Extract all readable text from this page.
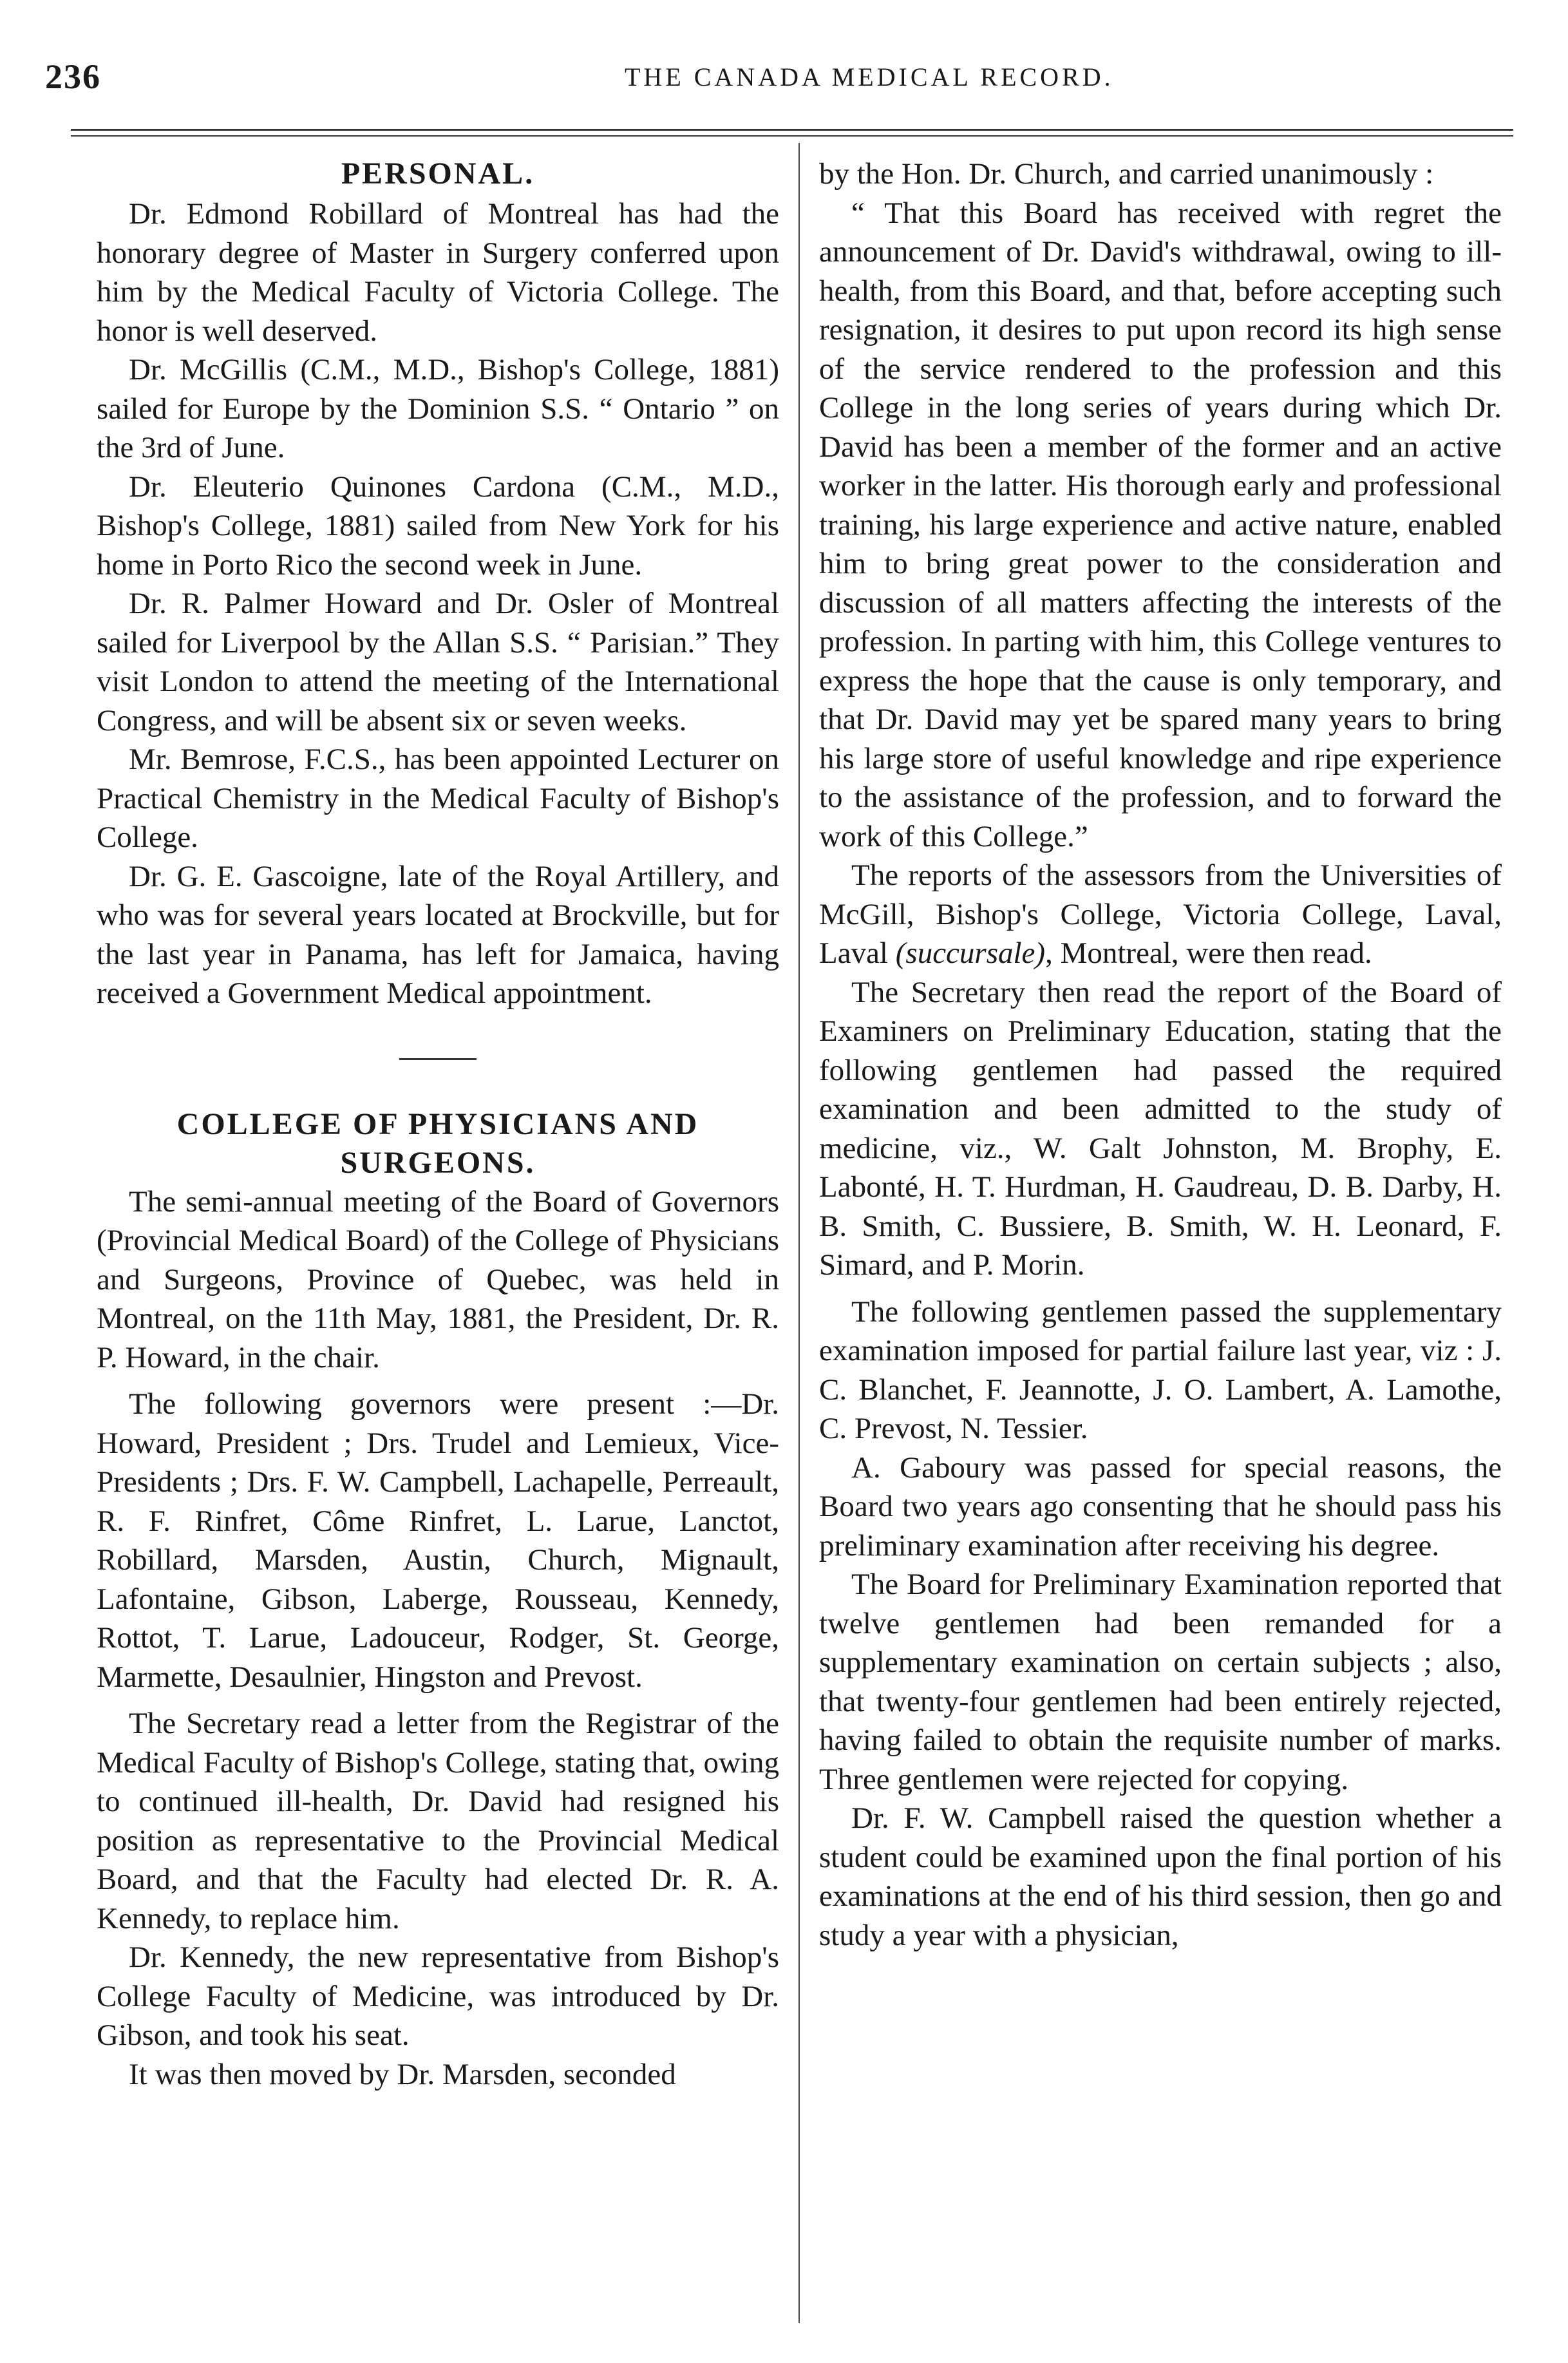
236	THE CANADA MEDICAL RECORD.
PERSONAL.

Dr. Edmond Robillard of Montreal has had the honorary degree of Master in Surgery conferred upon him by the Medical Faculty of Victoria College. The honor is well deserved.

Dr. McGillis (C.M., M.D., Bishop's College, 1881) sailed for Europe by the Dominion S.S. “ Ontario ” on the 3rd of June.

Dr. Eleuterio Quinones Cardona (C.M., M.D., Bishop's College, 1881) sailed from New York for his home in Porto Rico the second week in June.

Dr. R. Palmer Howard and Dr. Osler of Montreal sailed for Liverpool by the Allan S.S. “ Parisian.” They visit London to attend the meeting of the International Congress, and will be absent six or seven weeks.

Mr. Bemrose, F.C.S., has been appointed Lecturer on Practical Chemistry in the Medical Faculty of Bishop's College.

Dr. G. E. Gascoigne, late of the Royal Artillery, and who was for several years located at Brockville, but for the last year in Panama, has left for Jamaica, having received a Government Medical appointment.

COLLEGE OF PHYSICIANS AND SURGEONS.

The semi-annual meeting of the Board of Governors (Provincial Medical Board) of the College of Physicians and Surgeons, Province of Quebec, was held in Montreal, on the 11th May, 1881, the President, Dr. R. P. Howard, in the chair.

The following governors were present :—Dr. Howard, President ; Drs. Trudel and Lemieux, Vice-Presidents ; Drs. F. W. Campbell, Lachapelle, Perreault, R. F. Rinfret, Côme Rinfret, L. Larue, Lanctot, Robillard, Marsden, Austin, Church, Mignault, Lafontaine, Gibson, Laberge, Rousseau, Kennedy, Rottot, T. Larue, Ladouceur, Rodger, St. George, Marmette, Desaulnier, Hingston and Prevost.

The Secretary read a letter from the Registrar of the Medical Faculty of Bishop's College, stating that, owing to continued ill-health, Dr. David had resigned his position as representative to the Provincial Medical Board, and that the Faculty had elected Dr. R. A. Kennedy, to replace him.

Dr. Kennedy, the new representative from Bishop's College Faculty of Medicine, was introduced by Dr. Gibson, and took his seat.

It was then moved by Dr. Marsden, seconded

by the Hon. Dr. Church, and carried unanimously :

“ That this Board has received with regret the announcement of Dr. David's withdrawal, owing to ill-health, from this Board, and that, before accepting such resignation, it desires to put upon record its high sense of the service rendered to the profession and this College in the long series of years during which Dr. David has been a member of the former and an active worker in the latter. His thorough early and professional training, his large experience and active nature, enabled him to bring great power to the consideration and discussion of all matters affecting the interests of the profession. In parting with him, this College ventures to express the hope that the cause is only temporary, and that Dr. David may yet be spared many years to bring his large store of useful knowledge and ripe experience to the assistance of the profession, and to forward the work of this College.”

The reports of the assessors from the Universities of McGill, Bishop's College, Victoria College, Laval, Laval (succursale), Montreal, were then read.

The Secretary then read the report of the Board of Examiners on Preliminary Education, stating that the following gentlemen had passed the required examination and been admitted to the study of medicine, viz., W. Galt Johnston, M. Brophy, E. Labonté, H. T. Hurdman, H. Gaudreau, D. B. Darby, H. B. Smith, C. Bussiere, B. Smith, W. H. Leonard, F. Simard, and P. Morin.

The following gentlemen passed the supplementary examination imposed for partial failure last year, viz : J. C. Blanchet, F. Jeannotte, J. O. Lambert, A. Lamothe, C. Prevost, N. Tessier.

A. Gaboury was passed for special reasons, the Board two years ago consenting that he should pass his preliminary examination after receiving his degree.

The Board for Preliminary Examination reported that twelve gentlemen had been remanded for a supplementary examination on certain subjects ; also, that twenty-four gentlemen had been entirely rejected, having failed to obtain the requisite number of marks. Three gentlemen were rejected for copying.

Dr. F. W. Campbell raised the question whether a student could be examined upon the final portion of his examinations at the end of his third session, then go and study a year with a physician,
